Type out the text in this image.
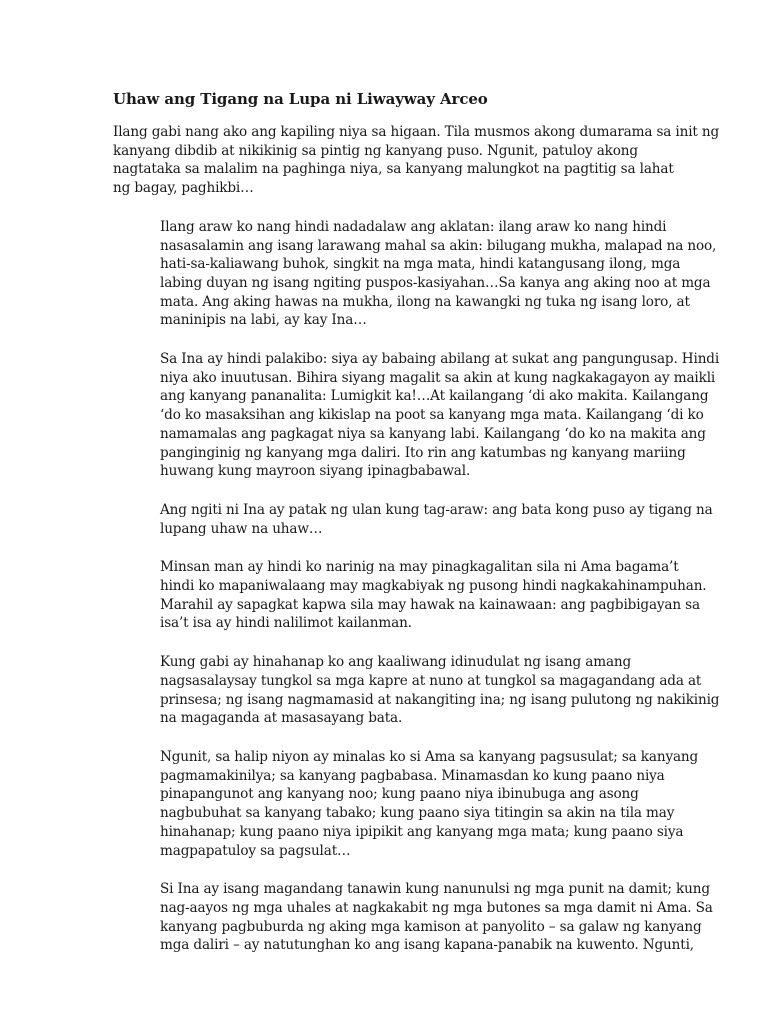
Uhaw ang Tigang na Lupa ni Liwayway Arceo

Ilang gabi nang ako ang kapiling niya sa higaan. Tila musmos akong dumarama sa init ng
kanyang dibdib at nikikinig sa pintig ng kanyang puso. Ngunit, patuloy akong
nagtataka sa malalim na paghinga niya, sa kanyang malungkot na pagtitig sa lahat
ng bagay, paghikbi…

Ilang araw ko nang hindi nadadalaw ang aklatan: ilang araw ko nang hindi
nasasalamin ang isang larawang mahal sa akin: bilugang mukha, malapad na noo,
hati-sa-kaliawang buhok, singkit na mga mata, hindi katangusang ilong, mga
labing duyan ng isang ngiting puspos-kasiyahan…Sa kanya ang aking noo at mga
mata. Ang aking hawas na mukha, ilong na kawangki ng tuka ng isang loro, at
maninipis na labi, ay kay Ina…

Sa Ina ay hindi palakibo: siya ay babaing abilang at sukat ang pangungusap. Hindi
niya ako inuutusan. Bihira siyang magalit sa akin at kung nagkakagayon ay maikli
ang kanyang pananalita: Lumigkit ka!…At kailangang ‘di ako makita. Kailangang
‘do ko masaksihan ang kikislap na poot sa kanyang mga mata. Kailangang ‘di ko
namamalas ang pagkagat niya sa kanyang labi. Kailangang ‘do ko na makita ang
panginginig ng kanyang mga daliri. Ito rin ang katumbas ng kanyang mariing
huwang kung mayroon siyang ipinagbabawal.

Ang ngiti ni Ina ay patak ng ulan kung tag-araw: ang bata kong puso ay tigang na
lupang uhaw na uhaw…

Minsan man ay hindi ko narinig na may pinagkagalitan sila ni Ama bagama’t
hindi ko mapaniwalaang may magkabiyak ng pusong hindi nagkakahinampuhan.
Marahil ay sapagkat kapwa sila may hawak na kainawaan: ang pagbibigayan sa
isa’t isa ay hindi nalilimot kailanman.

Kung gabi ay hinahanap ko ang kaaliwang idinudulat ng isang amang
nagsasalaysay tungkol sa mga kapre at nuno at tungkol sa magagandang ada at
prinsesa; ng isang nagmamasid at nakangiting ina; ng isang pulutong ng nakikinig
na magaganda at masasayang bata.

Ngunit, sa halip niyon ay minalas ko si Ama sa kanyang pagsusulat; sa kanyang
pagmamakinilya; sa kanyang pagbabasa. Minamasdan ko kung paano niya
pinapangunot ang kanyang noo; kung paano niya ibinubuga ang asong
nagbubuhat sa kanyang tabako; kung paano siya titingin sa akin na tila may
hinahanap; kung paano niya ipipikit ang kanyang mga mata; kung paano siya
magpapatuloy sa pagsulat…

Si Ina ay isang magandang tanawin kung nanunulsi ng mga punit na damit; kung
nag-aayos ng mga uhales at nagkakabit ng mga butones sa mga damit ni Ama. Sa
kanyang pagbuburda ng aking mga kamison at panyolito – sa galaw ng kanyang
mga daliri – ay natutunghan ko ang isang kapana-panabik na kuwento. Ngunti,
